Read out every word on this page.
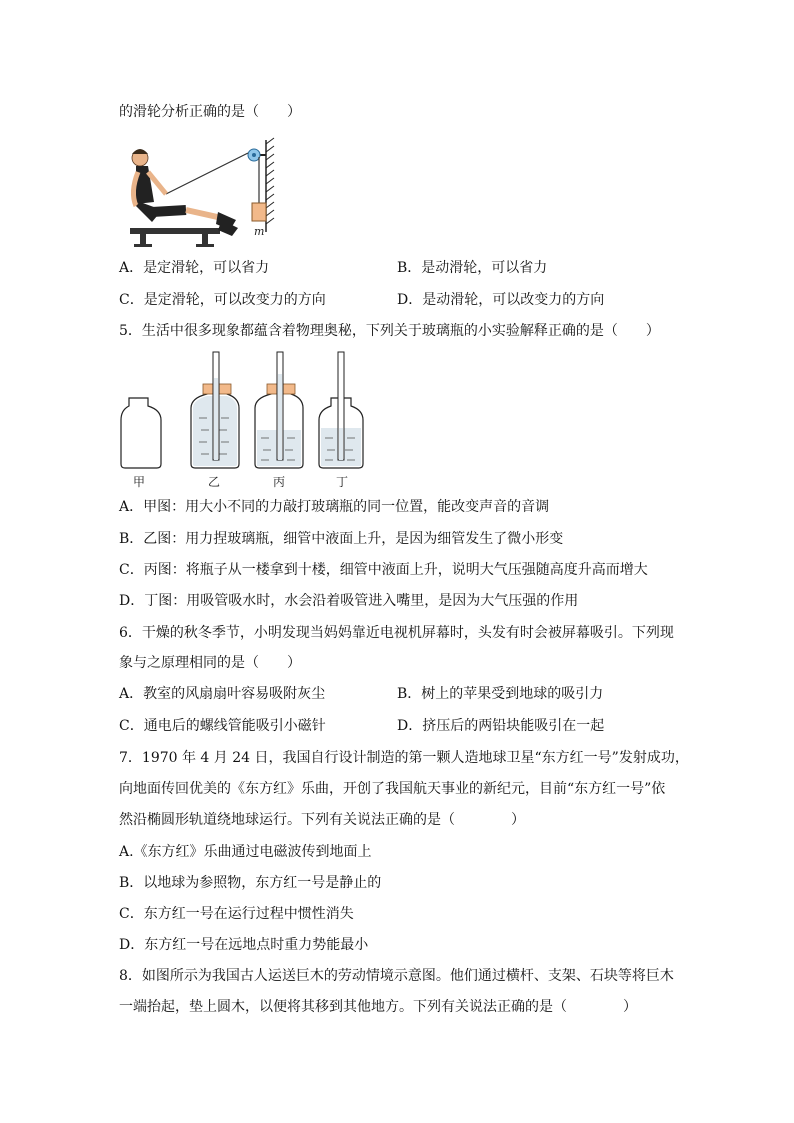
的滑轮分析正确的是（　　）
m
A．是定滑轮，可以省力	B．是动滑轮，可以省力
C．是定滑轮，可以改变力的方向	D．是动滑轮，可以改变力的方向
5．生活中很多现象都蕴含着物理奥秘，下列关于玻璃瓶的小实验解释正确的是（　　）
甲	乙	丙	丁
A．甲图：用大小不同的力敲打玻璃瓶的同一位置，能改变声音的音调
B．乙图：用力捏玻璃瓶，细管中液面上升，是因为细管发生了微小形变
C．丙图：将瓶子从一楼拿到十楼，细管中液面上升，说明大气压强随高度升高而增大
D．丁图：用吸管吸水时，水会沿着吸管进入嘴里，是因为大气压强的作用
6．干燥的秋冬季节，小明发现当妈妈靠近电视机屏幕时，头发有时会被屏幕吸引。下列现
象与之原理相同的是（　　）
A．教室的风扇扇叶容易吸附灰尘	B．树上的苹果受到地球的吸引力
C．通电后的螺线管能吸引小磁针	D．挤压后的两铅块能吸引在一起
7．1970 年 4 月 24 日，我国自行设计制造的第一颗人造地球卫星“东方红一号”发射成功，
向地面传回优美的《东方红》乐曲，开创了我国航天事业的新纪元，目前“东方红一号”依
然沿椭圆形轨道绕地球运行。下列有关说法正确的是（　　　　）
A.《东方红》乐曲通过电磁波传到地面上
B．以地球为参照物，东方红一号是静止的
C．东方红一号在运行过程中惯性消失
D．东方红一号在远地点时重力势能最小
8．如图所示为我国古人运送巨木的劳动情境示意图。他们通过横杆、支架、石块等将巨木
一端抬起，垫上圆木，以便将其移到其他地方。下列有关说法正确的是（　　　　）
